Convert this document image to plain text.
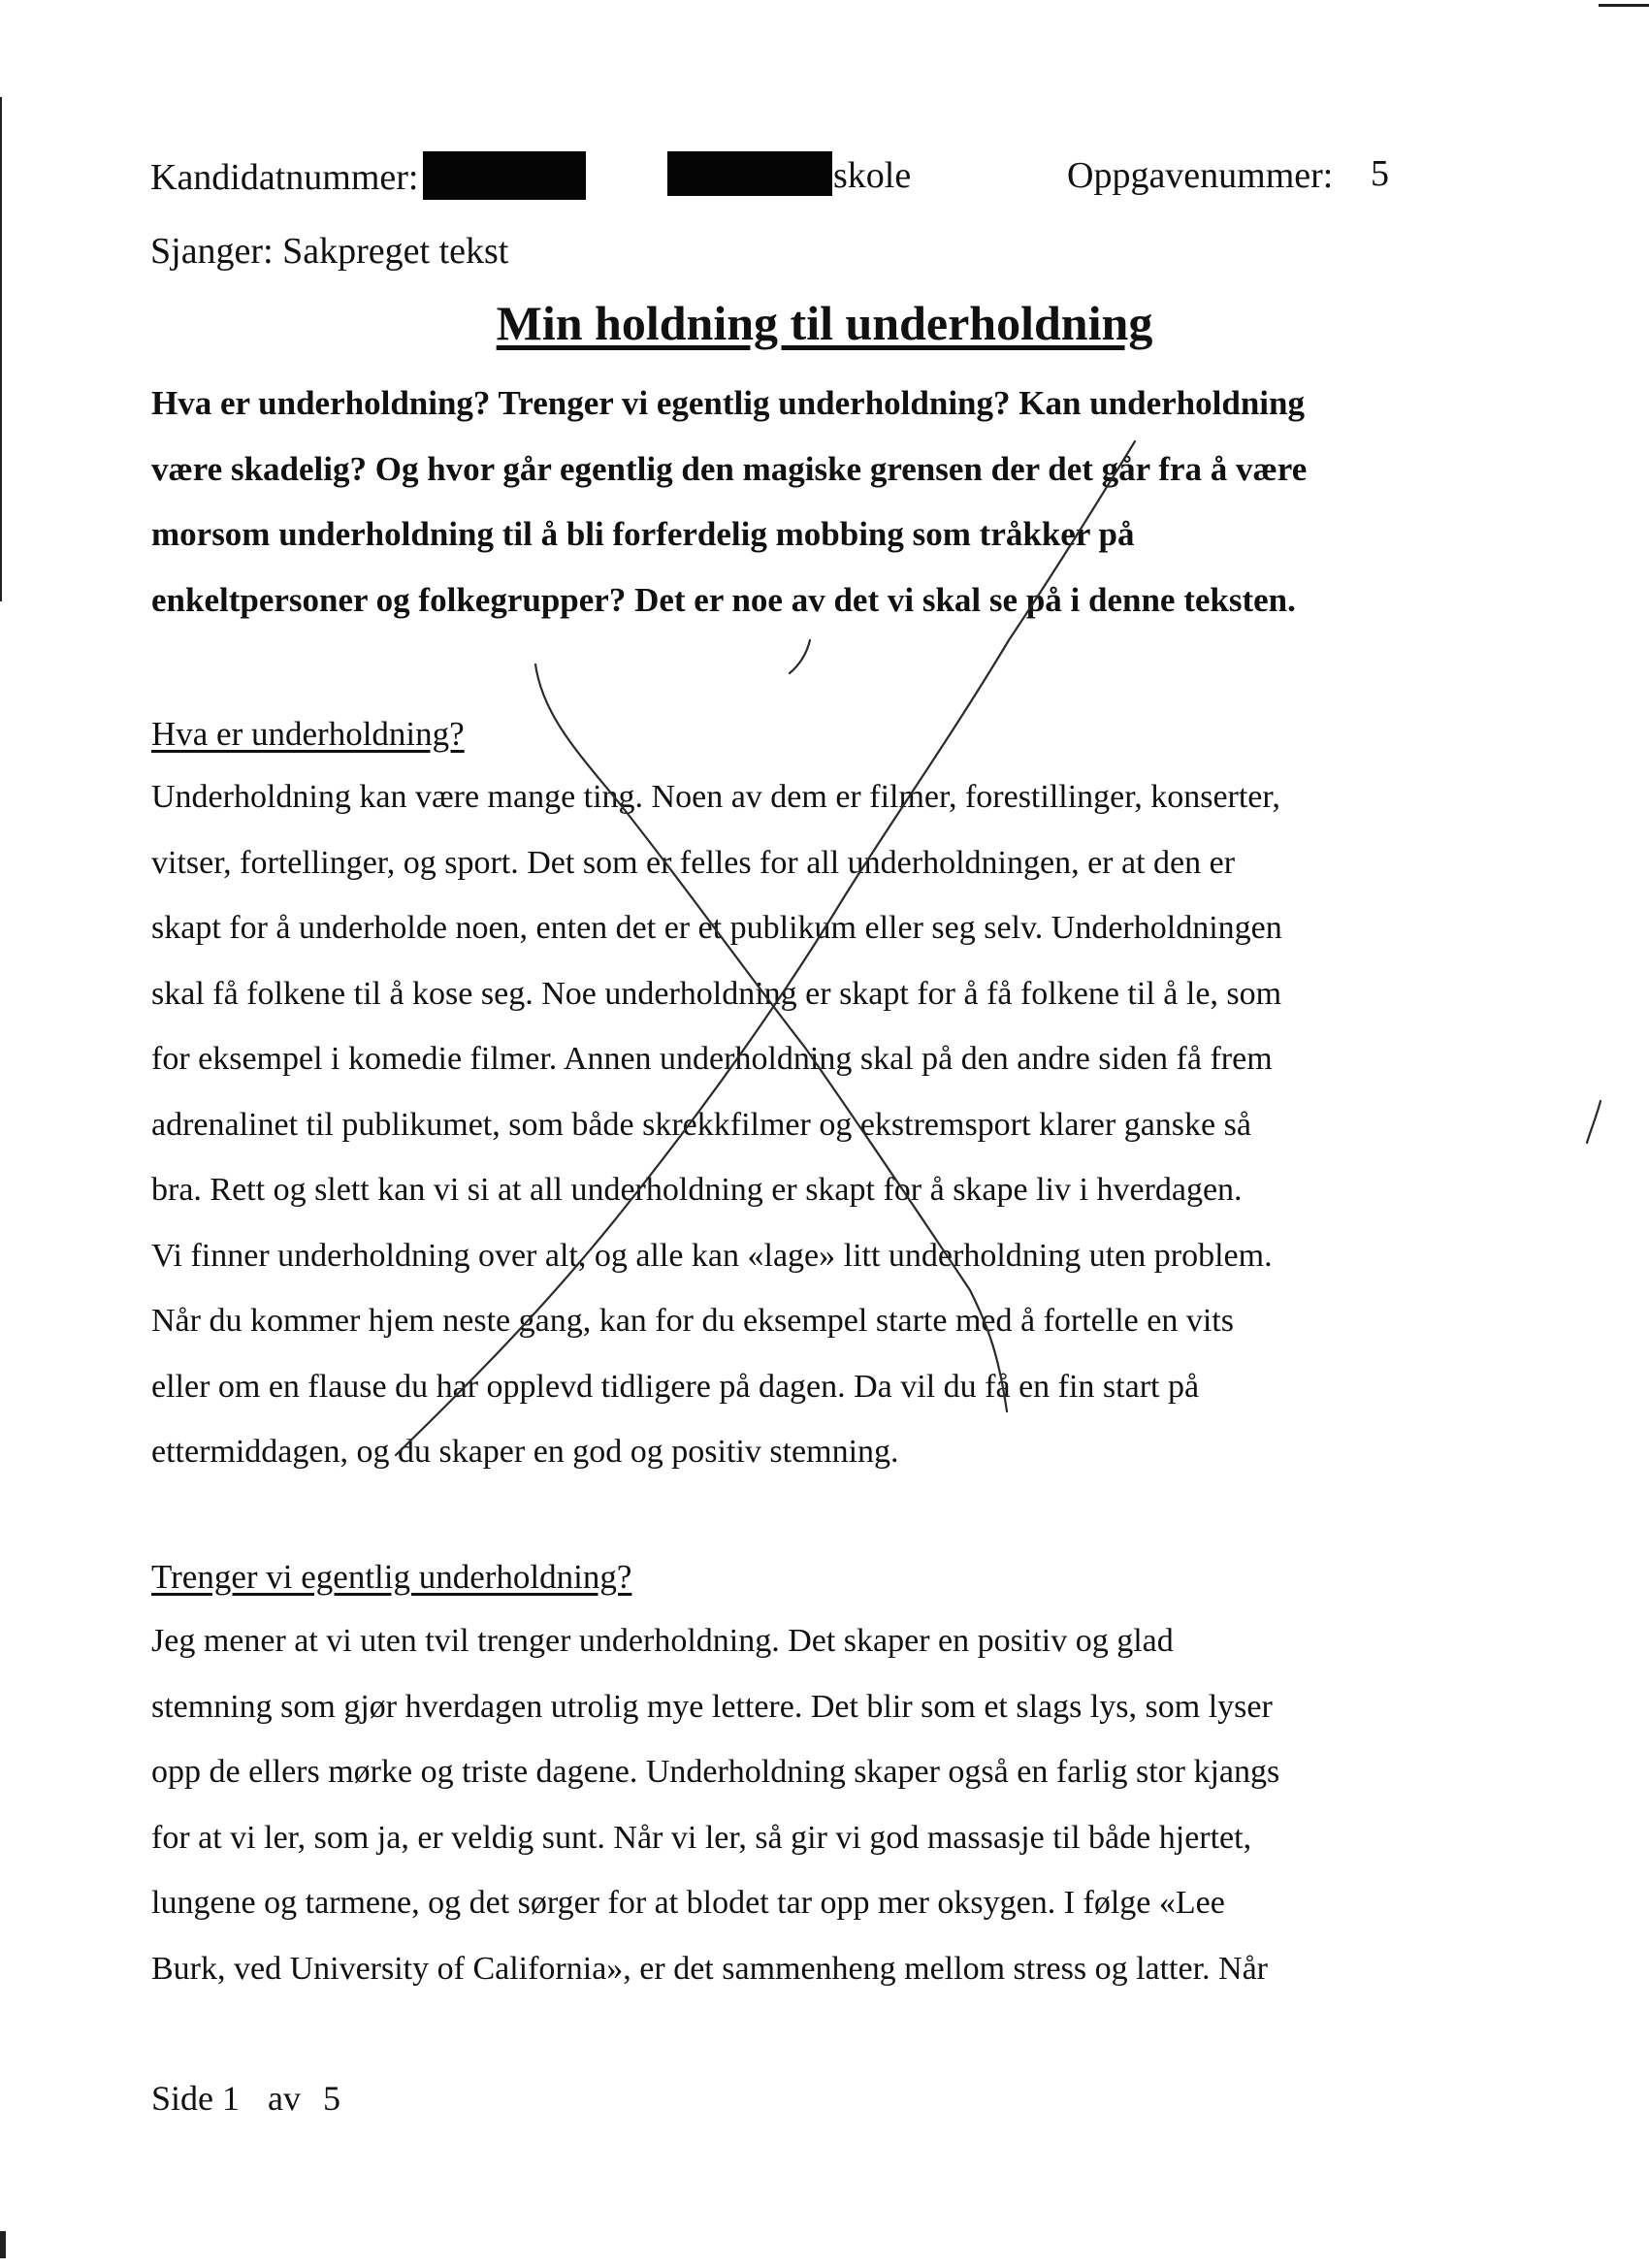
Kandidatnummer:	skole	Oppgavenummer: 5
Sjanger: Sakpreget tekst
Min holdning til underholdning
Hva er underholdning? Trenger vi egentlig underholdning? Kan underholdning
være skadelig? Og hvor går egentlig den magiske grensen der det går fra å være
morsom underholdning til å bli forferdelig mobbing som tråkker på
enkeltpersoner og folkegrupper? Det er noe av det vi skal se på i denne teksten.
Hva er underholdning?
Underholdning kan være mange ting. Noen av dem er filmer, forestillinger, konserter,
vitser, fortellinger, og sport. Det som er felles for all underholdningen, er at den er
skapt for å underholde noen, enten det er et publikum eller seg selv. Underholdningen
skal få folkene til å kose seg. Noe underholdning er skapt for å få folkene til å le, som
for eksempel i komedie filmer. Annen underholdning skal på den andre siden få frem
adrenalinet til publikumet, som både skrekkfilmer og ekstremsport klarer ganske så
bra. Rett og slett kan vi si at all underholdning er skapt for å skape liv i hverdagen.
Vi finner underholdning over alt, og alle kan «lage» litt underholdning uten problem.
Når du kommer hjem neste gang, kan for du eksempel starte med å fortelle en vits
eller om en flause du har opplevd tidligere på dagen. Da vil du få en fin start på
ettermiddagen, og du skaper en god og positiv stemning.
Trenger vi egentlig underholdning?
Jeg mener at vi uten tvil trenger underholdning. Det skaper en positiv og glad
stemning som gjør hverdagen utrolig mye lettere. Det blir som et slags lys, som lyser
opp de ellers mørke og triste dagene. Underholdning skaper også en farlig stor kjangs
for at vi ler, som ja, er veldig sunt. Når vi ler, så gir vi god massasje til både hjertet,
lungene og tarmene, og det sørger for at blodet tar opp mer oksygen. I følge «Lee
Burk, ved University of California», er det sammenheng mellom stress og latter. Når
Side 1 av 5
